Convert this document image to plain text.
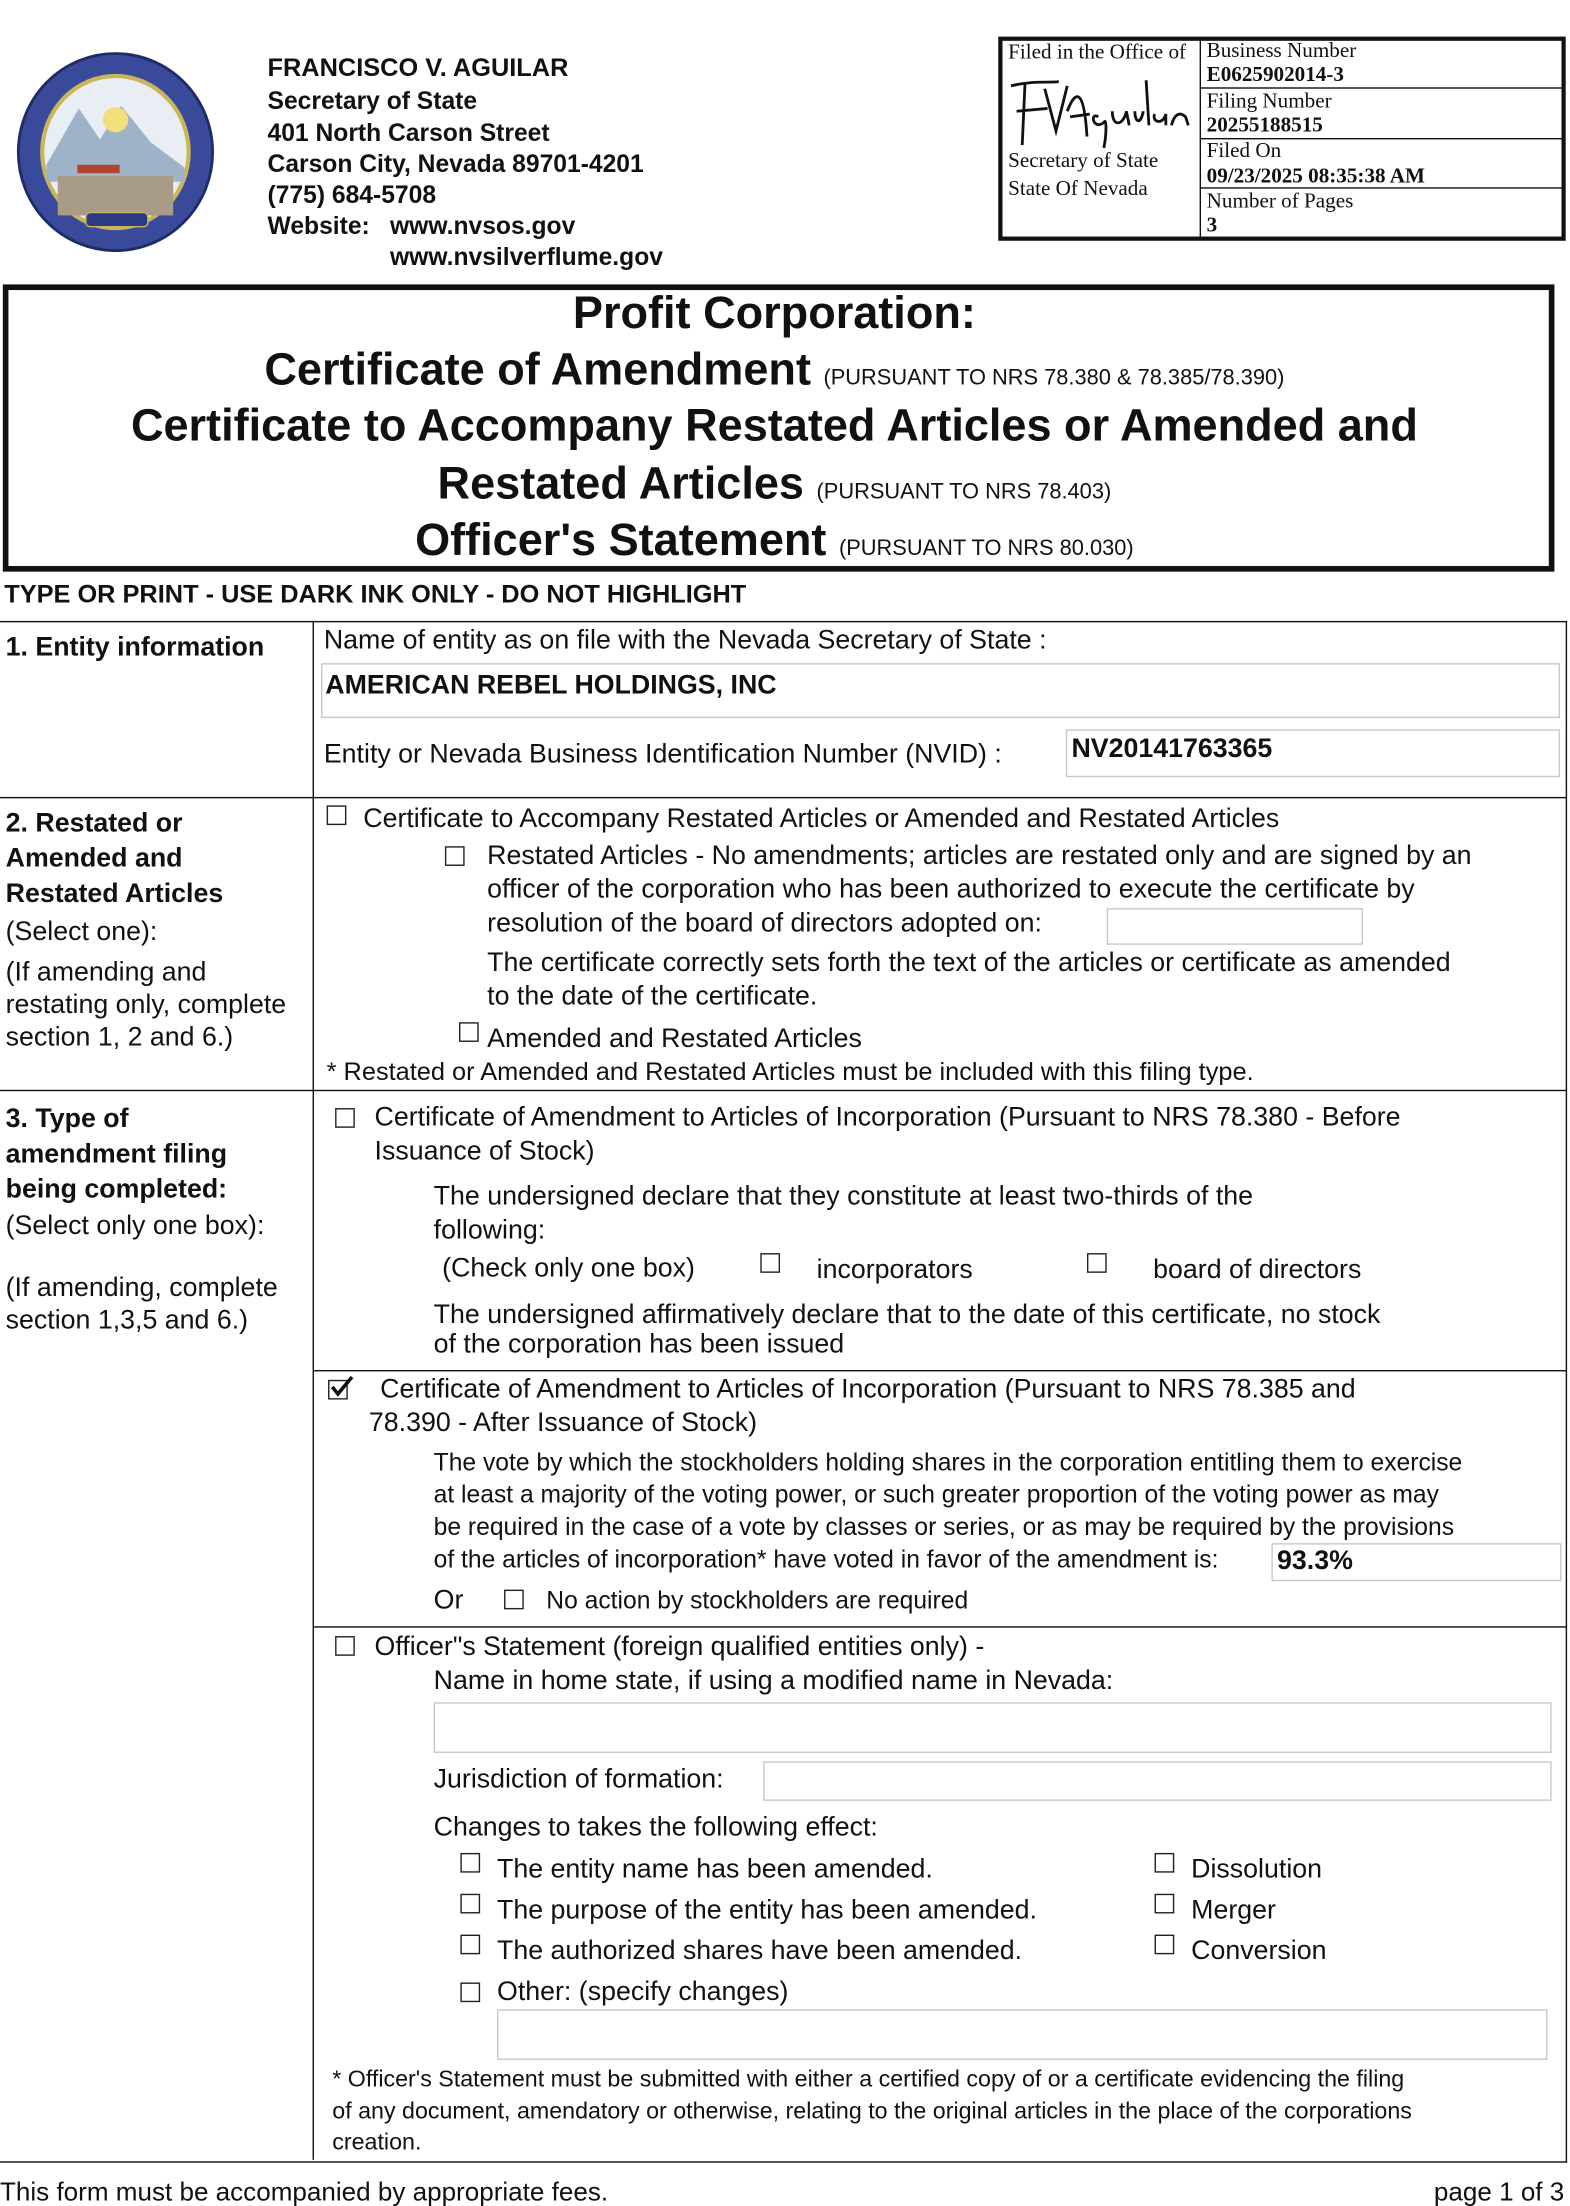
FRANCISCO V. AGUILAR
Secretary of State
401 North Carson Street
Carson City, Nevada 89701-4201
(775) 684-5708
Website: www.nvsos.gov
www.nvsilverflume.gov
Filed in the Office of
Secretary of State
State Of Nevada
Business Number
E0625902014-3
Filing Number
20255188515
Filed On
09/23/2025 08:35:38 AM
Number of Pages
3
Profit Corporation:
Certificate of Amendment (PURSUANT TO NRS 78.380 & 78.385/78.390)
Certificate to Accompany Restated Articles or Amended and
Restated Articles (PURSUANT TO NRS 78.403)
Officer's Statement (PURSUANT TO NRS 80.030)
TYPE OR PRINT - USE DARK INK ONLY - DO NOT HIGHLIGHT
1. Entity information	Name of entity as on file with the Nevada Secretary of State :
AMERICAN REBEL HOLDINGS, INC
Entity or Nevada Business Identification Number (NVID) :	NV20141763365
2. Restated or
Amended and
Restated Articles
(Select one):
(If amending and
restating only, complete
section 1, 2 and 6.)
Certificate to Accompany Restated Articles or Amended and Restated Articles
Restated Articles - No amendments; articles are restated only and are signed by an
officer of the corporation who has been authorized to execute the certificate by
resolution of the board of directors adopted on:
The certificate correctly sets forth the text of the articles or certificate as amended
to the date of the certificate.
Amended and Restated Articles
* Restated or Amended and Restated Articles must be included with this filing type.
3. Type of
amendment filing
being completed:
(Select only one box):
(If amending, complete
section 1,3,5 and 6.)
Certificate of Amendment to Articles of Incorporation (Pursuant to NRS 78.380 - Before
Issuance of Stock)
The undersigned declare that they constitute at least two-thirds of the
following:
(Check only one box)	incorporators	board of directors
The undersigned affirmatively declare that to the date of this certificate, no stock
of the corporation has been issued
Certificate of Amendment to Articles of Incorporation (Pursuant to NRS 78.385 and
78.390 - After Issuance of Stock)
The vote by which the stockholders holding shares in the corporation entitling them to exercise
at least a majority of the voting power, or such greater proportion of the voting power as may
be required in the case of a vote by classes or series, or as may be required by the provisions
of the articles of incorporation* have voted in favor of the amendment is:	93.3%
Or	No action by stockholders are required
Officer"s Statement (foreign qualified entities only) -
Name in home state, if using a modified name in Nevada:
Jurisdiction of formation:
Changes to takes the following effect:
The entity name has been amended.
The purpose of the entity has been amended.
The authorized shares have been amended.
Other: (specify changes)
Dissolution
Merger
Conversion
* Officer's Statement must be submitted with either a certified copy of or a certificate evidencing the filing
of any document, amendatory or otherwise, relating to the original articles in the place of the corporations
creation.
This form must be accompanied by appropriate fees.	page 1 of 3
